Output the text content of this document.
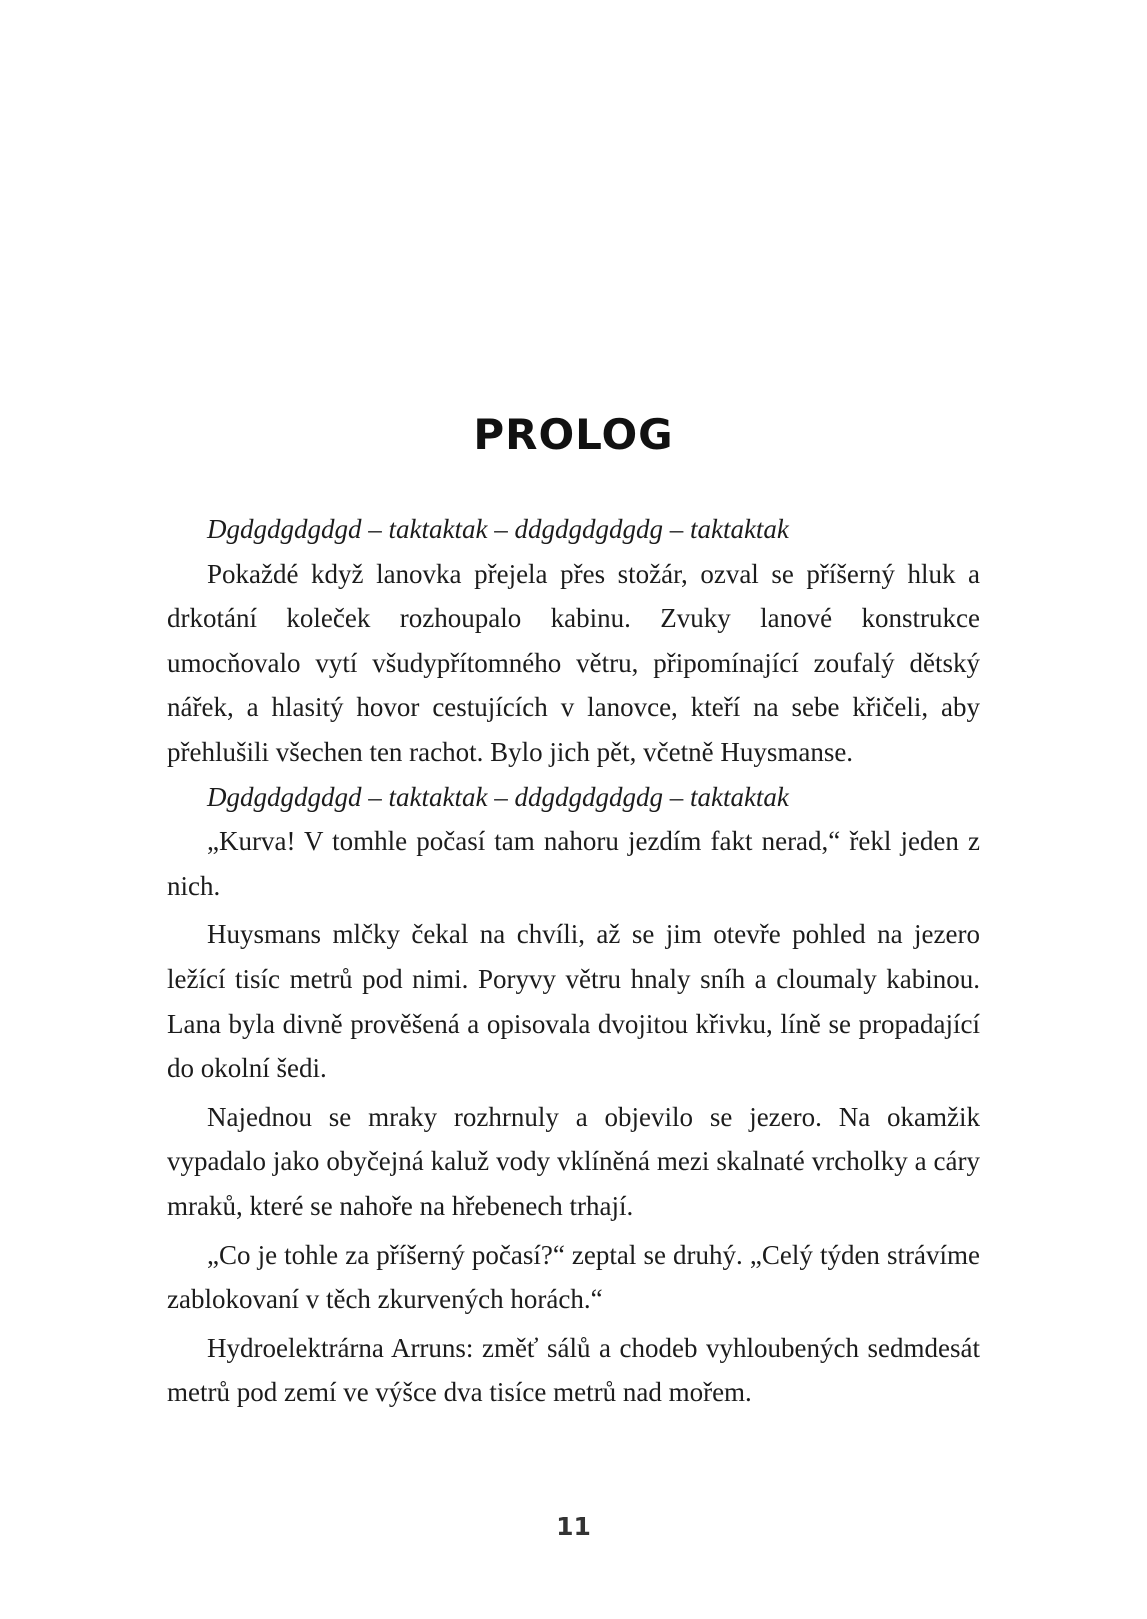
PROLOG

Dgdgdgdgdgd – taktaktak – ddgdgdgdgdg – taktaktak

Pokaždé když lanovka přejela přes stožár, ozval se příšerný hluk a drkotání koleček rozhoupalo kabinu. Zvuky lanové konstrukce umocňovalo vytí všudypřítomného větru, připomínající zoufalý dětský nářek, a hlasitý hovor cestujících v lanovce, kteří na sebe křičeli, aby přehlušili všechen ten rachot. Bylo jich pět, včetně Huysmanse.

Dgdgdgdgdgd – taktaktak – ddgdgdgdgdg – taktaktak

„Kurva! V tomhle počasí tam nahoru jezdím fakt nerad,“ řekl jeden z nich.

Huysmans mlčky čekal na chvíli, až se jim otevře pohled na jezero ležící tisíc metrů pod nimi. Poryvy větru hnaly sníh a cloumaly kabinou. Lana byla divně prověšená a opisovala dvojitou křivku, líně se propadající do okolní šedi.

Najednou se mraky rozhrnuly a objevilo se jezero. Na okamžik vypadalo jako obyčejná kaluž vody vklíněná mezi skalnaté vrcholky a cáry mraků, které se nahoře na hřebenech trhají.

„Co je tohle za příšerný počasí?“ zeptal se druhý. „Celý týden strávíme zablokovaní v těch zkurvených horách.“

Hydroelektrárna Arruns: změť sálů a chodeb vyhloubených sedmdesát metrů pod zemí ve výšce dva tisíce metrů nad mořem.

11
